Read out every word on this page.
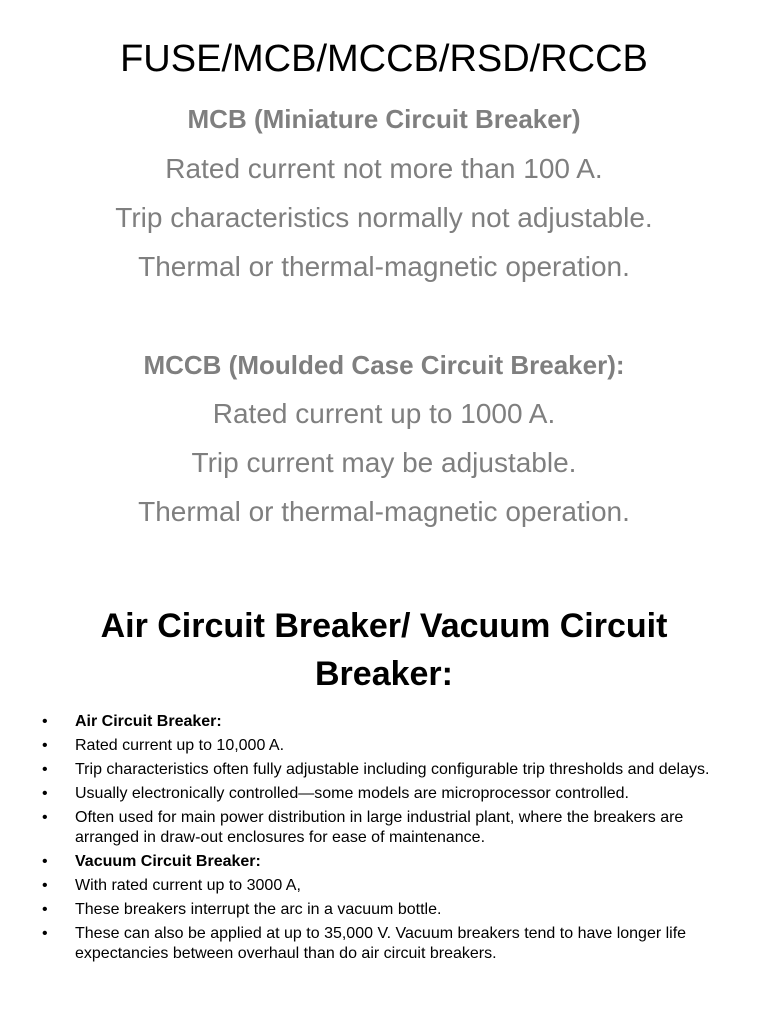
FUSE/MCB/MCCB/RSD/RCCB
MCB (Miniature Circuit Breaker)
Rated current not more than 100 A.
Trip characteristics normally not adjustable.
Thermal or thermal-magnetic operation.
MCCB (Moulded Case Circuit Breaker):
Rated current up to 1000 A.
Trip current may be adjustable.
Thermal or thermal-magnetic operation.
Air Circuit Breaker/ Vacuum Circuit Breaker:
• Air Circuit Breaker:
• Rated current up to 10,000 A.
• Trip characteristics often fully adjustable including configurable trip thresholds and delays.
• Usually electronically controlled—some models are microprocessor controlled.
• Often used for main power distribution in large industrial plant, where the breakers are arranged in draw-out enclosures for ease of maintenance.
• Vacuum Circuit Breaker:
• With rated current up to 3000 A,
• These breakers interrupt the arc in a vacuum bottle.
• These can also be applied at up to 35,000 V. Vacuum breakers tend to have longer life expectancies between overhaul than do air circuit breakers.
